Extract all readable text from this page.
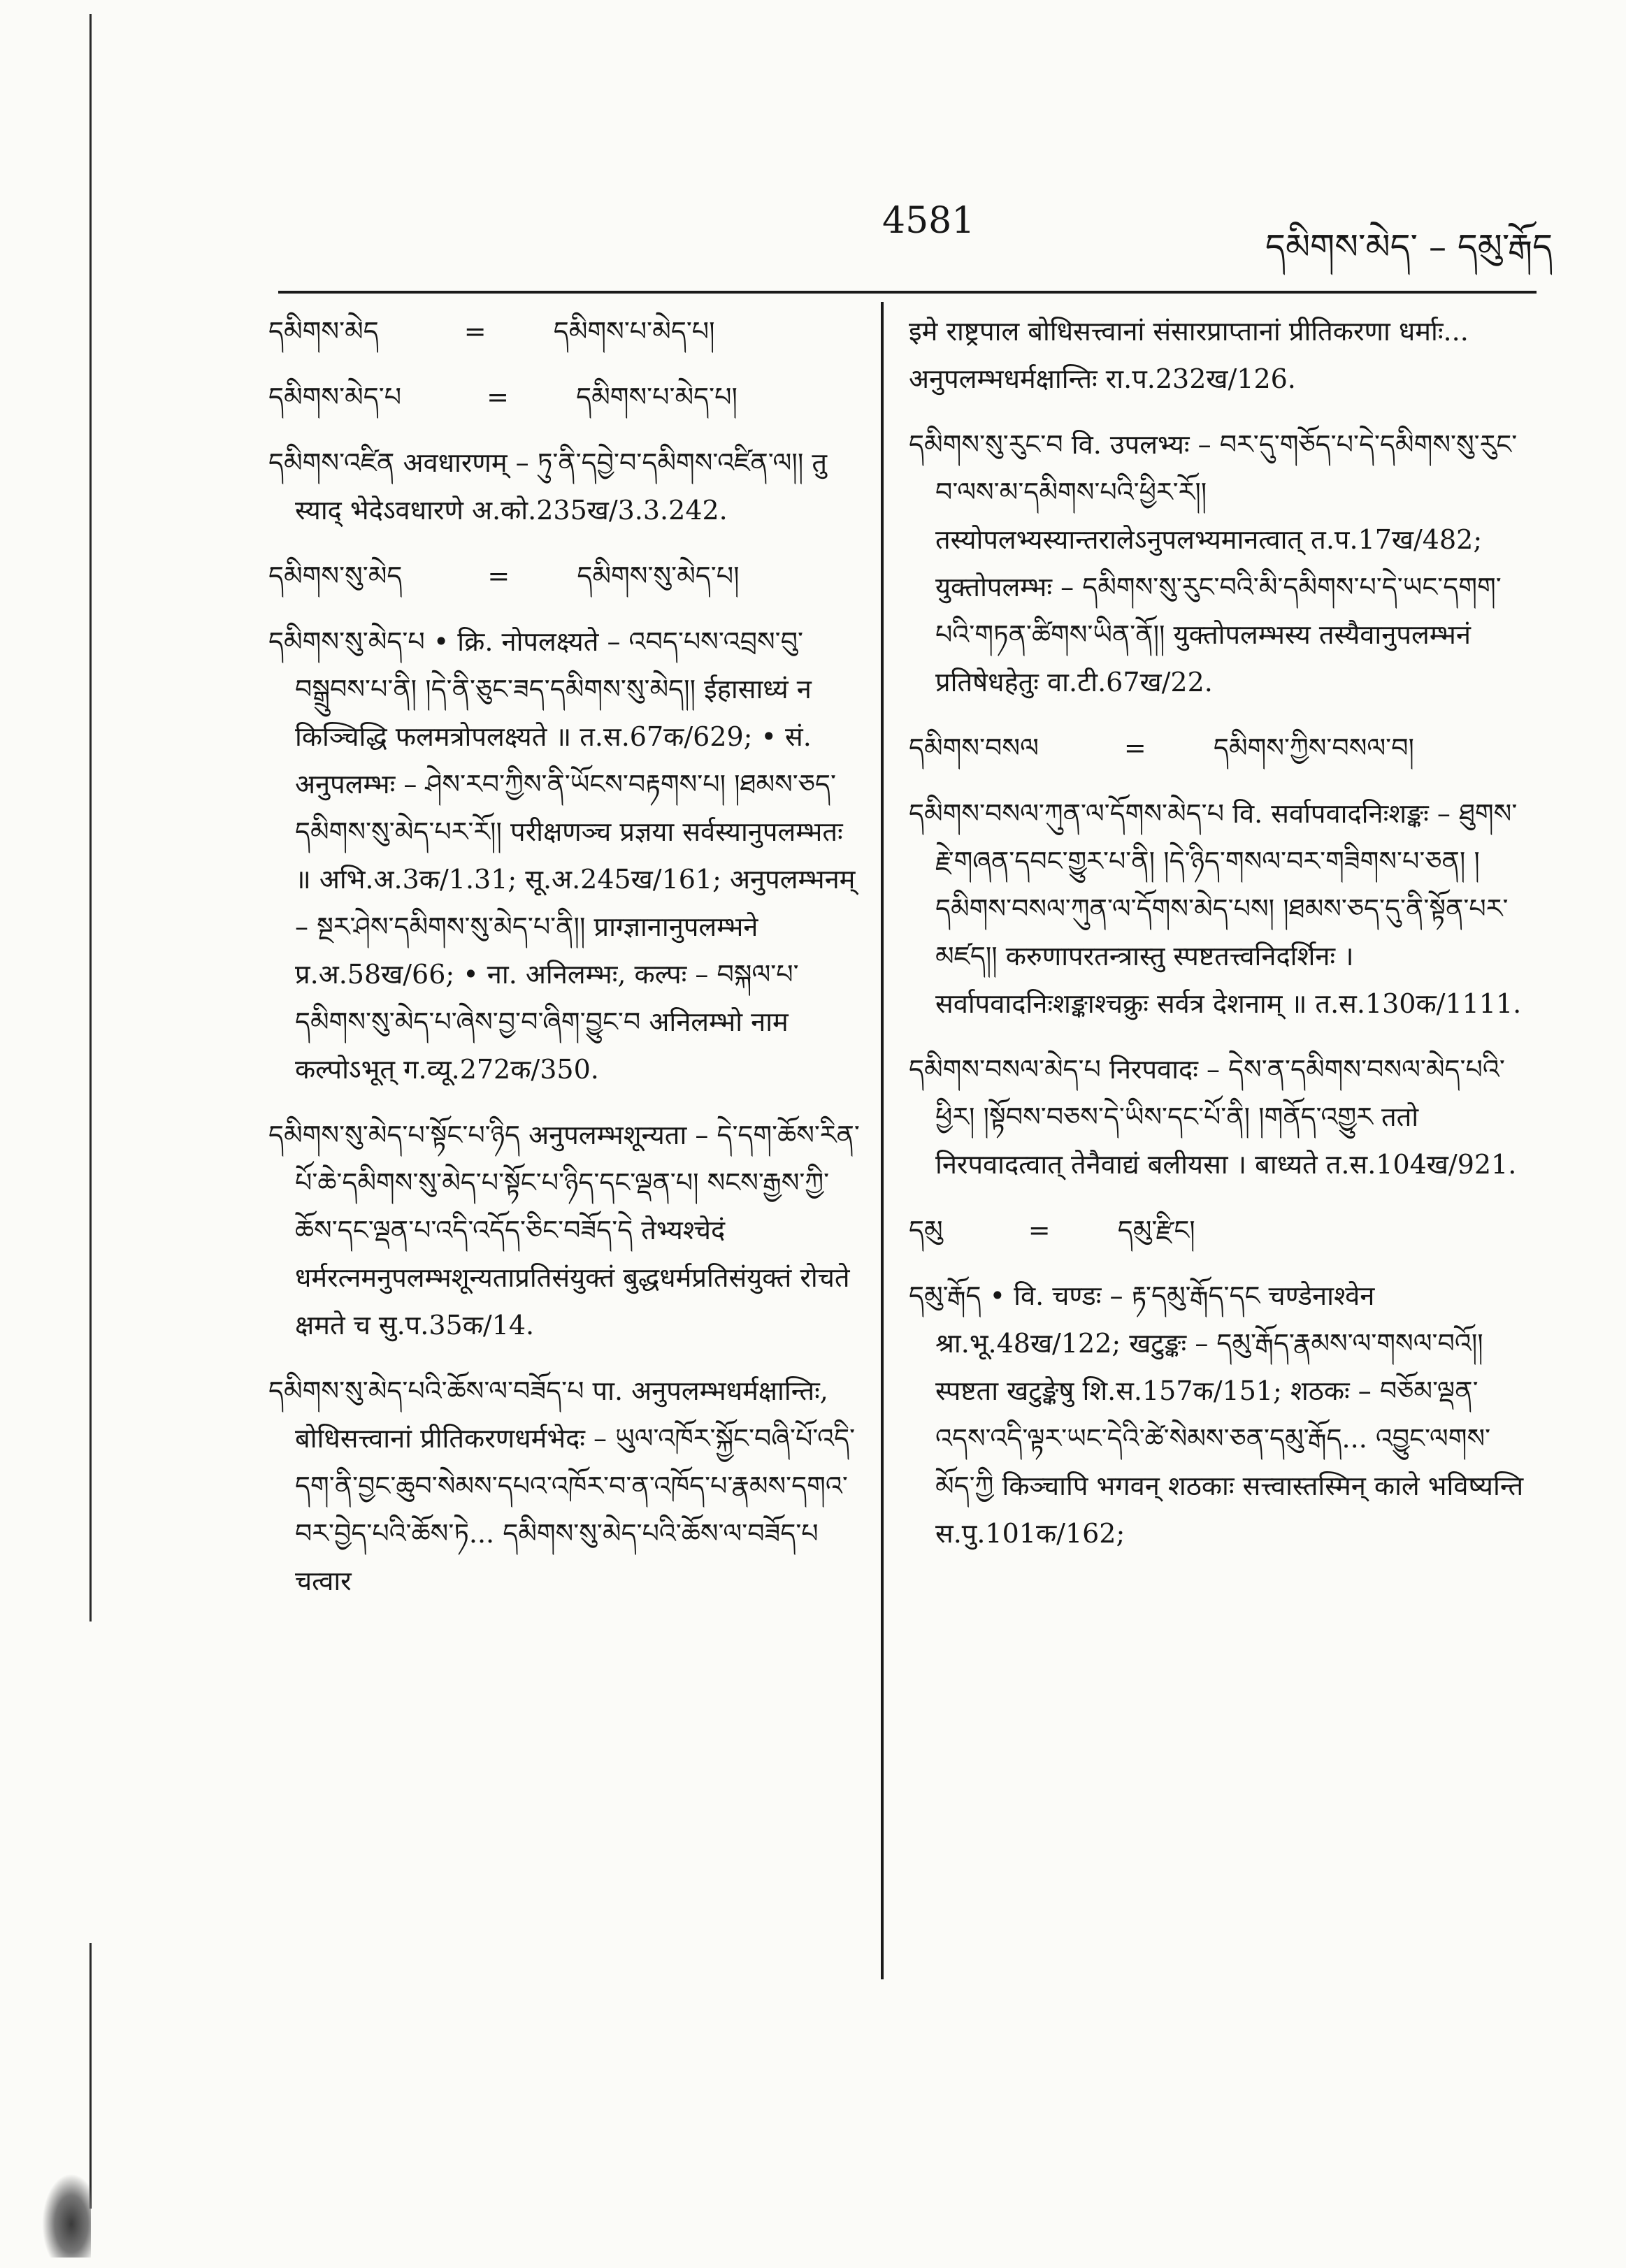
4581
དམིགས་མེད་ – དམུ་རྒོད
དམིགས་མེད	=	དམིགས་པ་མེད་པ།
དམིགས་མེད་པ	=	དམིགས་པ་མེད་པ།
དམིགས་འཛིན अवधारणम् – ཏུ་ནི་དབྱེ་བ་དམིགས་འཛིན་ལ།། तु स्याद् भेदेऽवधारणे अ.को.235ख/3.3.242.
དམིགས་སུ་མེད	=	དམིགས་སུ་མེད་པ།
དམིགས་སུ་མེད་པ • क्रि. नोपलक्ष्यते – འབད་པས་འབྲས་བུ་བསྒྲུབས་པ་ནི། །དེ་ནི་ཅུང་ཟད་དམིགས་སུ་མེད།། ईहासाध्यं न किञ्चिद्धि फलमत्रोपलक्ष्यते ॥ त.स.67क/629; • सं. अनुपलम्भः – ཤེས་རབ་ཀྱིས་ནི་ཡོངས་བརྟགས་པ། །ཐམས་ཅད་དམིགས་སུ་མེད་པར་རོ།། परीक्षणञ्च प्रज्ञया सर्वस्यानुपलम्भतः ॥ अभि.अ.3क/1.31; सू.अ.245ख/161; अनुपलम्भनम् – སྔར་ཤེས་དམིགས་སུ་མེད་པ་ནི།། प्राग्ज्ञानानुपलम्भने प्र.अ.58ख/66; • ना. अनिलम्भः, कल्पः – བསྐལ་པ་དམིགས་སུ་མེད་པ་ཞེས་བྱ་བ་ཞིག་བྱུང་བ अनिलम्भो नाम कल्पोऽभूत् ग.व्यू.272क/350.
དམིགས་སུ་མེད་པ་སྟོང་པ་ཉིད अनुपलम्भशून्यता – དེ་དག་ཆོས་རིན་པོ་ཆེ་དམིགས་སུ་མེད་པ་སྟོང་པ་ཉིད་དང་ལྡན་པ། སངས་རྒྱས་ཀྱི་ཆོས་དང་ལྡན་པ་འདི་འདོད་ཅིང་བཟོད་དེ तेभ्यश्चेदं धर्मरत्नमनुपलम्भशून्यताप्रतिसंयुक्तं बुद्धधर्मप्रतिसंयुक्तं रोचते क्षमते च सु.प.35क/14.
དམིགས་སུ་མེད་པའི་ཆོས་ལ་བཟོད་པ पा. अनुपलम्भधर्मक्षान्तिः, बोधिसत्त्वानां प्रीतिकरणधर्मभेदः – ཡུལ་འཁོར་སྐྱོང་བཞི་པོ་འདི་དག་ནི་བྱང་ཆུབ་སེམས་དཔའ་འཁོར་བ་ན་འཁོད་པ་རྣམས་དགའ་བར་བྱེད་པའི་ཆོས་ཏེ... དམིགས་སུ་མེད་པའི་ཆོས་ལ་བཟོད་པ चत्वार
इमे राष्ट्रपाल बोधिसत्त्वानां संसारप्राप्तानां प्रीतिकरणा धर्माः... अनुपलम्भधर्मक्षान्तिः रा.प.232ख/126.
དམིགས་སུ་རུང་བ वि. उपलभ्यः – བར་དུ་གཅོད་པ་དེ་དམིགས་སུ་རུང་བ་ལས་མ་དམིགས་པའི་ཕྱིར་རོ།། तस्योपलभ्यस्यान्तरालेऽनुपलभ्यमानत्वात् त.प.17ख/482; युक्तोपलम्भः – དམིགས་སུ་རུང་བའི་མི་དམིགས་པ་དེ་ཡང་དགག་པའི་གཏན་ཚིགས་ཡིན་ནོ།། युक्तोपलम्भस्य तस्यैवानुपलम्भनं प्रतिषेधहेतुः वा.टी.67ख/22.
དམིགས་བསལ	=	དམིགས་ཀྱིས་བསལ་བ།
དམིགས་བསལ་ཀུན་ལ་དོགས་མེད་པ वि. सर्वापवादनिःशङ्कः – ཐུགས་རྗེ་གཞན་དབང་གྱུར་པ་ནི། །དེ་ཉིད་གསལ་བར་གཟིགས་པ་ཅན། །དམིགས་བསལ་ཀུན་ལ་དོགས་མེད་པས། །ཐམས་ཅད་དུ་ནི་སྟོན་པར་མཛད།། करुणापरतन्त्रास्तु स्पष्टतत्त्वनिदर्शिनः । सर्वापवादनिःशङ्काश्चक्रुः सर्वत्र देशनाम् ॥ त.स.130क/1111.
དམིགས་བསལ་མེད་པ निरपवादः – དེས་ན་དམིགས་བསལ་མེད་པའི་ཕྱིར། །སྟོབས་བཅས་དེ་ཡིས་དང་པོ་ནི། །གནོད་འགྱུར ततो निरपवादत्वात् तेनैवाद्यं बलीयसा । बाध्यते त.स.104ख/921.
དམུ	=	དམུ་རྫིང།
དམུ་རྒོད • वि. चण्डः – རྟ་དམུ་རྒོད་དང चण्डेनाश्वेन श्रा.भू.48ख/122; खटुङ्कः – དམུ་རྒོད་རྣམས་ལ་གསལ་བའོ།། स्पष्टता खटुङ्केषु शि.स.157क/151; शठकः – བཅོམ་ལྡན་འདས་འདི་ལྟར་ཡང་དེའི་ཚེ་སེམས་ཅན་དམུ་རྒོད... འབྱུང་ལགས་མོད་ཀྱི किञ्चापि भगवन् शठकाः सत्त्वास्तस्मिन् काले भविष्यन्ति स.पु.101क/162;
